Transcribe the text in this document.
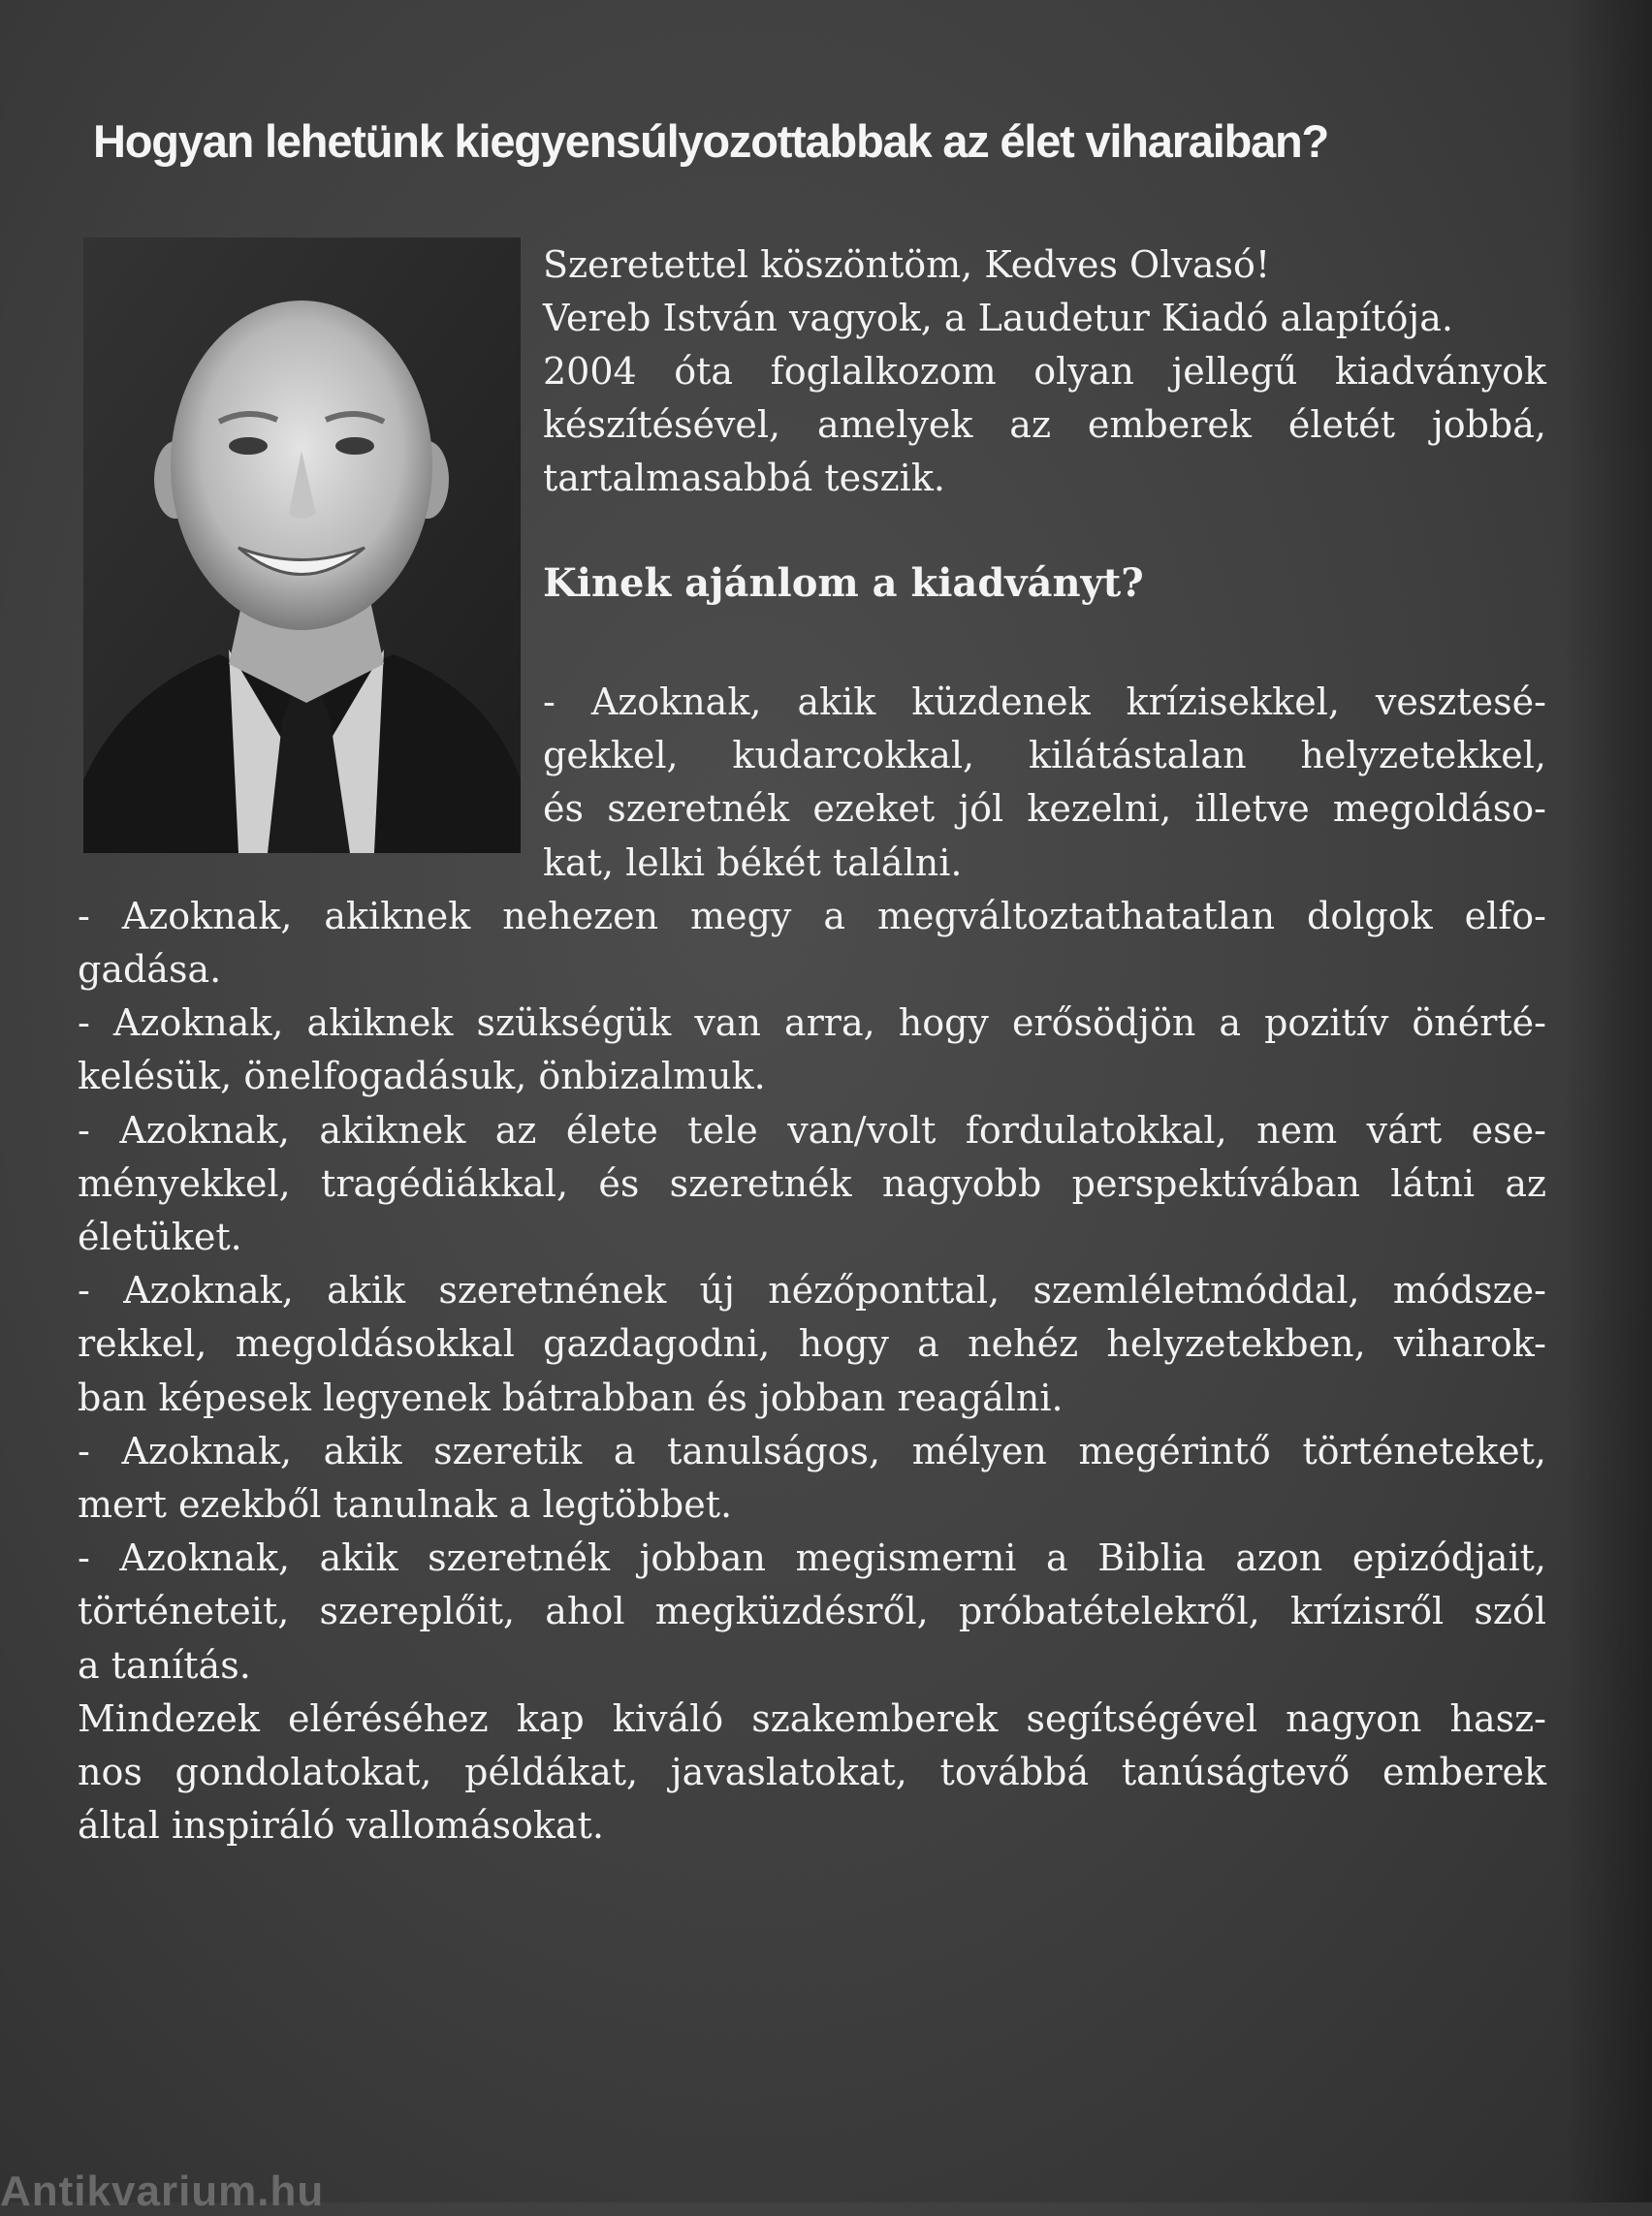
Hogyan lehetünk kiegyensúlyozottabbak az élet viharaiban?

Szeretettel köszöntöm, Kedves Olvasó!
Vereb István vagyok, a Laudetur Kiadó alapítója.
2004 óta foglalkozom olyan jellegű kiadványok
készítésével, amelyek az emberek életét jobbá,
tartalmasabbá teszik.

Kinek ajánlom a kiadványt?

- Azoknak, akik küzdenek krízisekkel, vesztesé-
gekkel, kudarcokkal, kilátástalan helyzetekkel,
és szeretnék ezeket jól kezelni, illetve megoldáso-
kat, lelki békét találni.
- Azoknak, akiknek nehezen megy a megváltoztathatatlan dolgok elfo-
gadása.
- Azoknak, akiknek szükségük van arra, hogy erősödjön a pozitív önérté-
kelésük, önelfogadásuk, önbizalmuk.
- Azoknak, akiknek az élete tele van/volt fordulatokkal, nem várt ese-
ményekkel, tragédiákkal, és szeretnék nagyobb perspektívában látni az
életüket.
- Azoknak, akik szeretnének új nézőponttal, szemléletmóddal, módsze-
rekkel, megoldásokkal gazdagodni, hogy a nehéz helyzetekben, viharok-
ban képesek legyenek bátrabban és jobban reagálni.
- Azoknak, akik szeretik a tanulságos, mélyen megérintő történeteket,
mert ezekből tanulnak a legtöbbet.
- Azoknak, akik szeretnék jobban megismerni a Biblia azon epizódjait,
történeteit, szereplőit, ahol megküzdésről, próbatételekről, krízisről szól
a tanítás.
Mindezek eléréséhez kap kiváló szakemberek segítségével nagyon hasz-
nos gondolatokat, példákat, javaslatokat, továbbá tanúságtevő emberek
által inspiráló vallomásokat.

Antikvarium.hu
